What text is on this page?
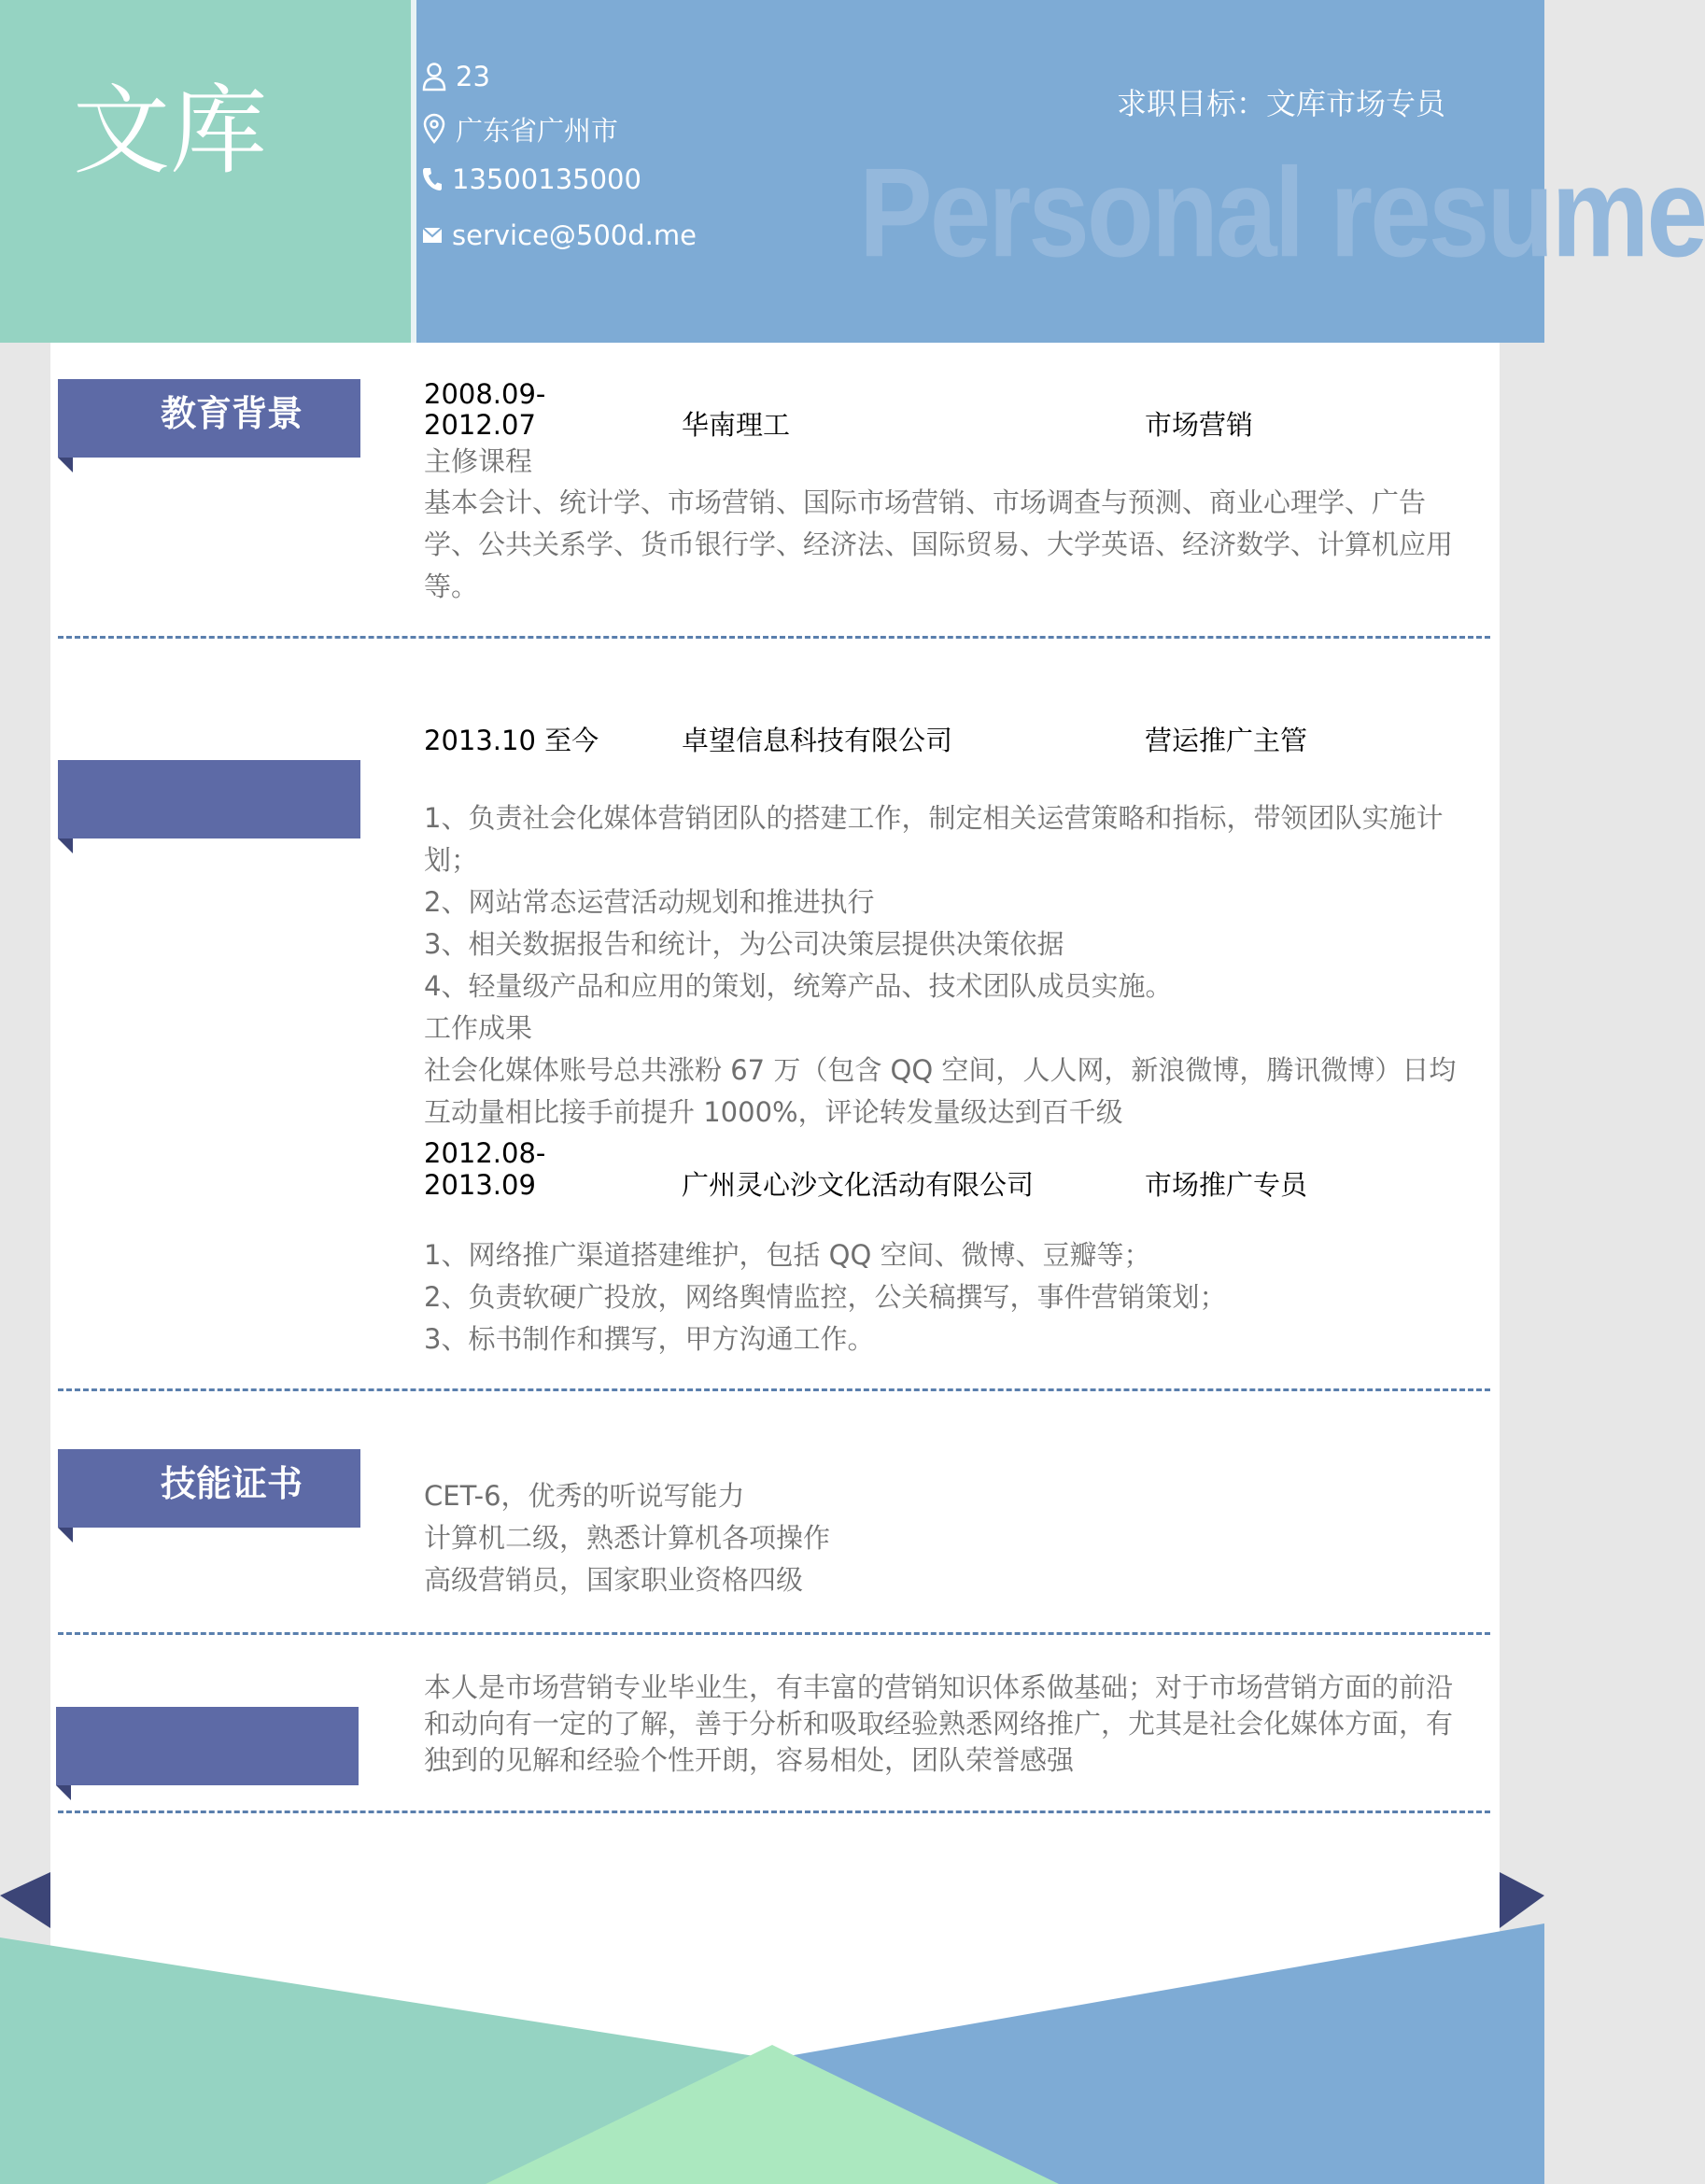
文库
Personal resume
23
广东省广州市
13500135000
service@500d.me
求职目标：文库市场专员
教育背景	2008.09-
2012.07	华南理工	市场营销
主修课程
基本会计、统计学、市场营销、国际市场营销、市场调查与预测、商业心理学、广告学、公共关系学、货币银行学、经济法、国际贸易、大学英语、经济数学、计算机应用等。
2013.10 至今	卓望信息科技有限公司	营运推广主管
1、负责社会化媒体营销团队的搭建工作，制定相关运营策略和指标，带领团队实施计划；
2、网站常态运营活动规划和推进执行
3、相关数据报告和统计，为公司决策层提供决策依据
4、轻量级产品和应用的策划，统筹产品、技术团队成员实施。
工作成果
社会化媒体账号总共涨粉 67 万（包含 QQ 空间，人人网，新浪微博，腾讯微博）日均互动量相比接手前提升 1000%，评论转发量级达到百千级
2012.08-
2013.09	广州灵心沙文化活动有限公司	市场推广专员
1、网络推广渠道搭建维护，包括 QQ 空间、微博、豆瓣等；
2、负责软硬广投放，网络舆情监控，公关稿撰写，事件营销策划；
3、标书制作和撰写，甲方沟通工作。
技能证书	CET-6，优秀的听说写能力
计算机二级，熟悉计算机各项操作
高级营销员，国家职业资格四级
本人是市场营销专业毕业生，有丰富的营销知识体系做基础；对于市场营销方面的前沿和动向有一定的了解，善于分析和吸取经验熟悉网络推广，尤其是社会化媒体方面，有独到的见解和经验个性开朗，容易相处，团队荣誉感强
